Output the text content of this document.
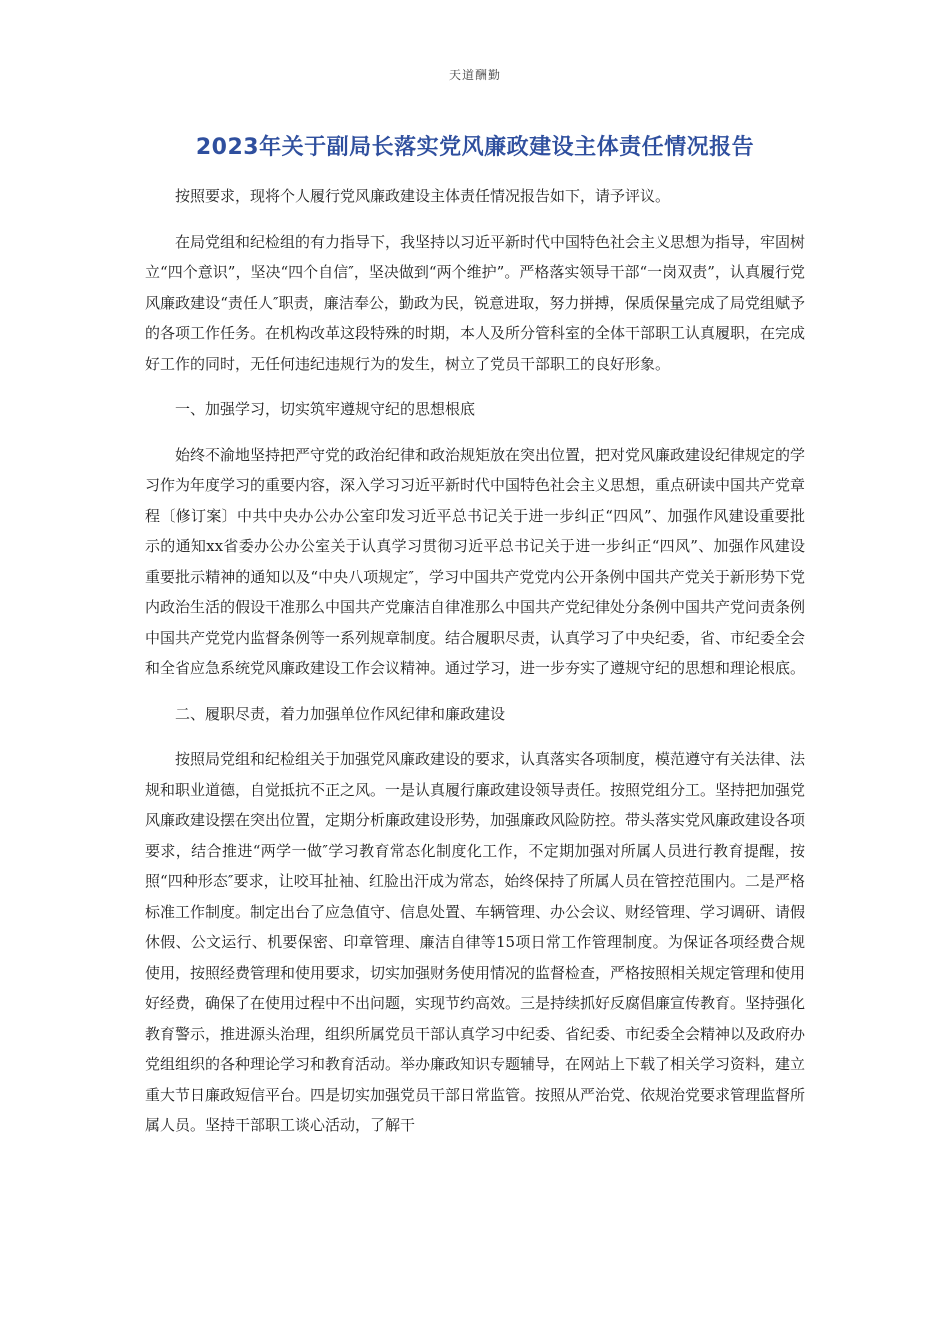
天道酬勤
2023年关于副局长落实党风廉政建设主体责任情况报告

按照要求，现将个人履行党风廉政建设主体责任情况报告如下，请予评议。

在局党组和纪检组的有力指导下，我坚持以习近平新时代中国特色社会主义思想为指导，牢固树立“四个意识”，坚决“四个自信″，坚决做到“两个维护”。严格落实领导干部“一岗双责”，认真履行党风廉政建设“责任人″职责，廉洁奉公，勤政为民，锐意进取，努力拼搏，保质保量完成了局党组赋予的各项工作任务。在机构改革这段特殊的时期，本人及所分管科室的全体干部职工认真履职，在完成好工作的同时，无任何违纪违规行为的发生，树立了党员干部职工的良好形象。

一、加强学习，切实筑牢遵规守纪的思想根底

始终不渝地坚持把严守党的政治纪律和政治规矩放在突出位置，把对党风廉政建设纪律规定的学习作为年度学习的重要内容，深入学习习近平新时代中国特色社会主义思想，重点研读中国共产党章程〔修订案〕中共中央办公办公室印发习近平总书记关于进一步纠正“四风”、加强作风建设重要批示的通知xx省委办公办公室关于认真学习贯彻习近平总书记关于进一步纠正“四风”、加强作风建设重要批示精神的通知以及“中央八项规定″，学习中国共产党党内公开条例中国共产党关于新形势下党内政治生活的假设干准那么中国共产党廉洁自律准那么中国共产党纪律处分条例中国共产党问责条例中国共产党党内监督条例等一系列规章制度。结合履职尽责，认真学习了中央纪委，省、市纪委全会和全省应急系统党风廉政建设工作会议精神。通过学习，进一步夯实了遵规守纪的思想和理论根底。

二、履职尽责，着力加强单位作风纪律和廉政建设

按照局党组和纪检组关于加强党风廉政建设的要求，认真落实各项制度，模范遵守有关法律、法规和职业道德，自觉抵抗不正之风。一是认真履行廉政建设领导责任。按照党组分工。坚持把加强党风廉政建设摆在突出位置，定期分析廉政建设形势，加强廉政风险防控。带头落实党风廉政建设各项要求，结合推进“两学一做″学习教育常态化制度化工作，不定期加强对所属人员进行教育提醒，按照“四种形态″要求，让咬耳扯袖、红脸出汗成为常态，始终保持了所属人员在管控范围内。二是严格标准工作制度。制定出台了应急值守、信息处置、车辆管理、办公会议、财经管理、学习调研、请假休假、公文运行、机要保密、印章管理、廉洁自律等15项日常工作管理制度。为保证各项经费合规使用，按照经费管理和使用要求，切实加强财务使用情况的监督检查，严格按照相关规定管理和使用好经费，确保了在使用过程中不出问题，实现节约高效。三是持续抓好反腐倡廉宣传教育。坚持强化教育警示，推进源头治理，组织所属党员干部认真学习中纪委、省纪委、市纪委全会精神以及政府办党组组织的各种理论学习和教育活动。举办廉政知识专题辅导，在网站上下载了相关学习资料，建立重大节日廉政短信平台。四是切实加强党员干部日常监管。按照从严治党、依规治党要求管理监督所属人员。坚持干部职工谈心活动，了解干
